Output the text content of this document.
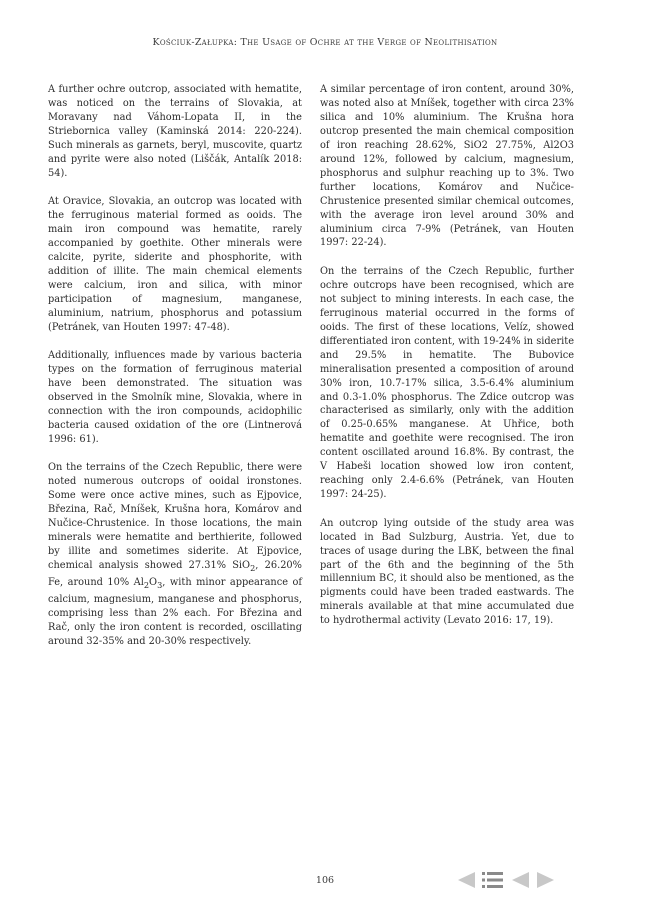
Kościuk-Załupka: The Usage of Ochre at the Verge of Neolithisation

A further ochre outcrop, associated with hematite, was noticed on the terrains of Slovakia, at Moravany nad Váhom-Lopata II, in the Striebornica valley (Kaminská 2014: 220-224). Such minerals as garnets, beryl, muscovite, quartz and pyrite were also noted (Liščák, Antalík 2018: 54).

At Oravice, Slovakia, an outcrop was located with the ferruginous material formed as ooids. The main iron compound was hematite, rarely accompanied by goethite. Other minerals were calcite, pyrite, siderite and phosphorite, with addition of illite. The main chemical elements were calcium, iron and silica, with minor participation of magnesium, manganese, aluminium, natrium, phosphorus and potassium (Petránek, van Houten 1997: 47-48).

Additionally, influences made by various bacteria types on the formation of ferruginous material have been demonstrated. The situation was observed in the Smolník mine, Slovakia, where in connection with the iron compounds, acidophilic bacteria caused oxidation of the ore (Lintnerová 1996: 61).

On the terrains of the Czech Republic, there were noted numerous outcrops of ooidal ironstones. Some were once active mines, such as Ejpovice, Březina, Rač, Mníšek, Krušna hora, Komárov and Nučice-Chrustenice. In those locations, the main minerals were hematite and berthierite, followed by illite and sometimes siderite. At Ejpovice, chemical analysis showed 27.31% SiO$_2$, 26.20% Fe, around 10% $Al_2O_3$, with minor appearance of calcium, magnesium, manganese and phosphorus, comprising less than 2% each. For Březina and Rač, only the iron content is recorded, oscillating around 32-35% and 20-30% respectively.

A similar percentage of iron content, around 30%, was noted also at Mníšek, together with circa 23% silica and 10% aluminium. The Krušna hora outcrop presented the main chemical composition of iron reaching 28.62%, SiO2 27.75%, Al2O3 around 12%, followed by calcium, magnesium, phosphorus and sulphur reaching up to 3%. Two further locations, Komárov and Nučice-Chrustenice presented similar chemical outcomes, with the average iron level around 30% and aluminium circa 7-9% (Petránek, van Houten 1997: 22-24).

On the terrains of the Czech Republic, further ochre outcrops have been recognised, which are not subject to mining interests. In each case, the ferruginous material occurred in the forms of ooids. The first of these locations, Velíz, showed differentiated iron content, with 19-24% in siderite and 29.5% in hematite. The Bubovice mineralisation presented a composition of around 30% iron, 10.7-17% silica, 3.5-6.4% aluminium and 0.3-1.0% phosphorus. The Zdice outcrop was characterised as similarly, only with the addition of 0.25-0.65% manganese. At Uhřice, both hematite and goethite were recognised. The iron content oscillated around 16.8%. By contrast, the V Habeši location showed low iron content, reaching only 2.4-6.6% (Petránek, van Houten 1997: 24-25).

An outcrop lying outside of the study area was located in Bad Sulzburg, Austria. Yet, due to traces of usage during the LBK, between the final part of the 6th and the beginning of the 5th millennium BC, it should also be mentioned, as the pigments could have been traded eastwards. The minerals available at that mine accumulated due to hydrothermal activity (Levato 2016: 17, 19).

106
